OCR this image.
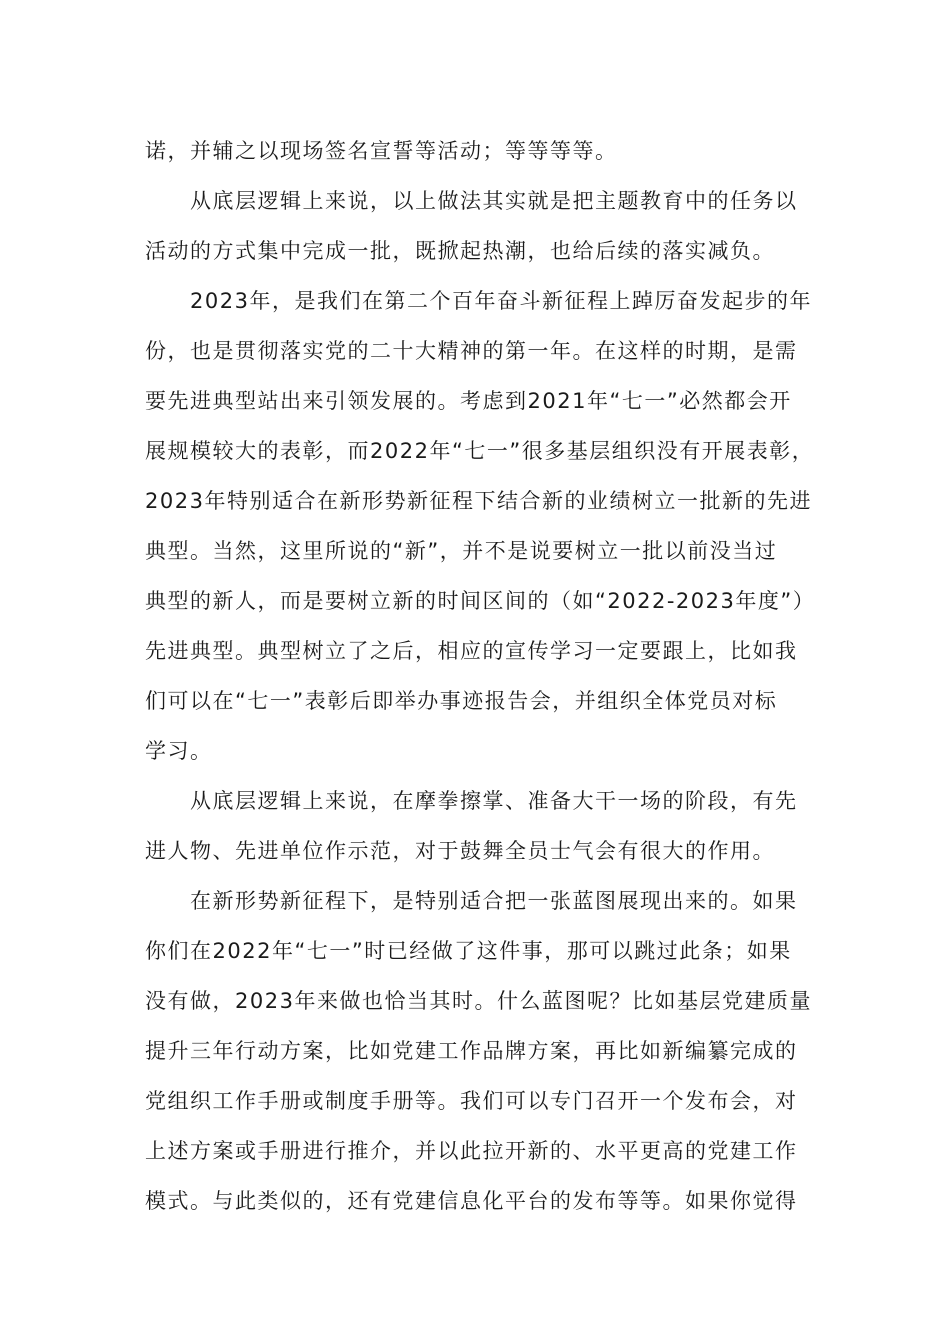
诺，并辅之以现场签名宣誓等活动；等等等等。
从底层逻辑上来说，以上做法其实就是把主题教育中的任务以
活动的方式集中完成一批，既掀起热潮，也给后续的落实减负。
2023年，是我们在第二个百年奋斗新征程上踔厉奋发起步的年
份，也是贯彻落实党的二十大精神的第一年。在这样的时期，是需
要先进典型站出来引领发展的。考虑到2021年“七一”必然都会开
展规模较大的表彰，而2022年“七一”很多基层组织没有开展表彰，
2023年特别适合在新形势新征程下结合新的业绩树立一批新的先进
典型。当然，这里所说的“新”，并不是说要树立一批以前没当过
典型的新人，而是要树立新的时间区间的（如“2022-2023年度”）
先进典型。典型树立了之后，相应的宣传学习一定要跟上，比如我
们可以在“七一”表彰后即举办事迹报告会，并组织全体党员对标
学习。
从底层逻辑上来说，在摩拳擦掌、准备大干一场的阶段，有先
进人物、先进单位作示范，对于鼓舞全员士气会有很大的作用。
在新形势新征程下，是特别适合把一张蓝图展现出来的。如果
你们在2022年“七一”时已经做了这件事，那可以跳过此条；如果
没有做，2023年来做也恰当其时。什么蓝图呢？比如基层党建质量
提升三年行动方案，比如党建工作品牌方案，再比如新编纂完成的
党组织工作手册或制度手册等。我们可以专门召开一个发布会，对
上述方案或手册进行推介，并以此拉开新的、水平更高的党建工作
模式。与此类似的，还有党建信息化平台的发布等等。如果你觉得
